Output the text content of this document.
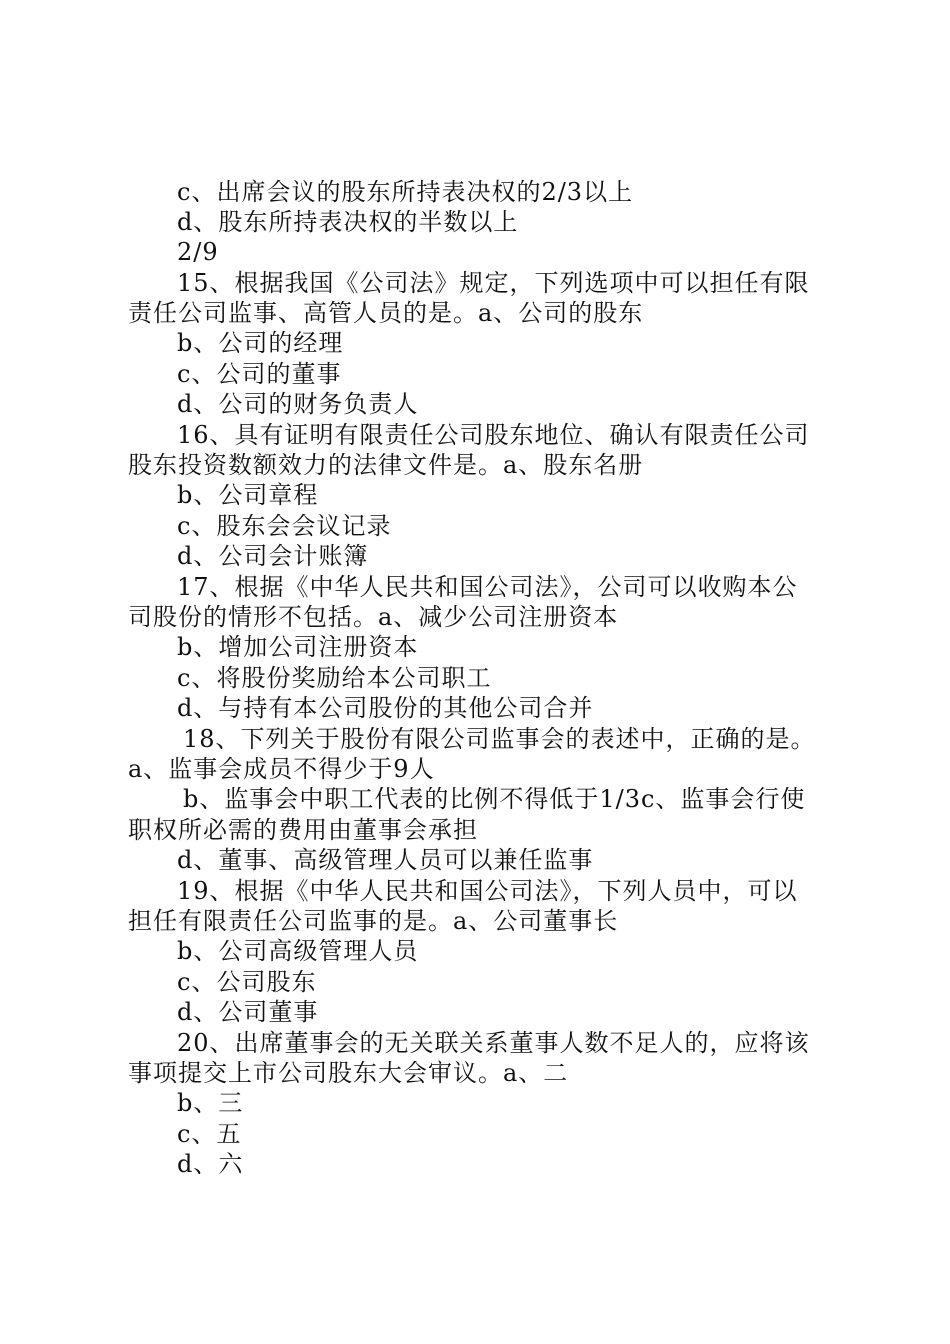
c、出席会议的股东所持表决权的2/3以上
d、股东所持表决权的半数以上
2/9
15、根据我国《公司法》规定，下列选项中可以担任有限
责任公司监事、高管人员的是。a、公司的股东
b、公司的经理
c、公司的董事
d、公司的财务负责人
16、具有证明有限责任公司股东地位、确认有限责任公司
股东投资数额效力的法律文件是。a、股东名册
b、公司章程
c、股东会会议记录
d、公司会计账簿
17、根据《中华人民共和国公司法》，公司可以收购本公
司股份的情形不包括。a、减少公司注册资本
b、增加公司注册资本
c、将股份奖励给本公司职工
d、与持有本公司股份的其他公司合并
18、下列关于股份有限公司监事会的表述中，正确的是。
a、监事会成员不得少于9人
b、监事会中职工代表的比例不得低于1/3c、监事会行使
职权所必需的费用由董事会承担
d、董事、高级管理人员可以兼任监事
19、根据《中华人民共和国公司法》，下列人员中，可以
担任有限责任公司监事的是。a、公司董事长
b、公司高级管理人员
c、公司股东
d、公司董事
20、出席董事会的无关联关系董事人数不足人的，应将该
事项提交上市公司股东大会审议。a、二
b、三
c、五
d、六
